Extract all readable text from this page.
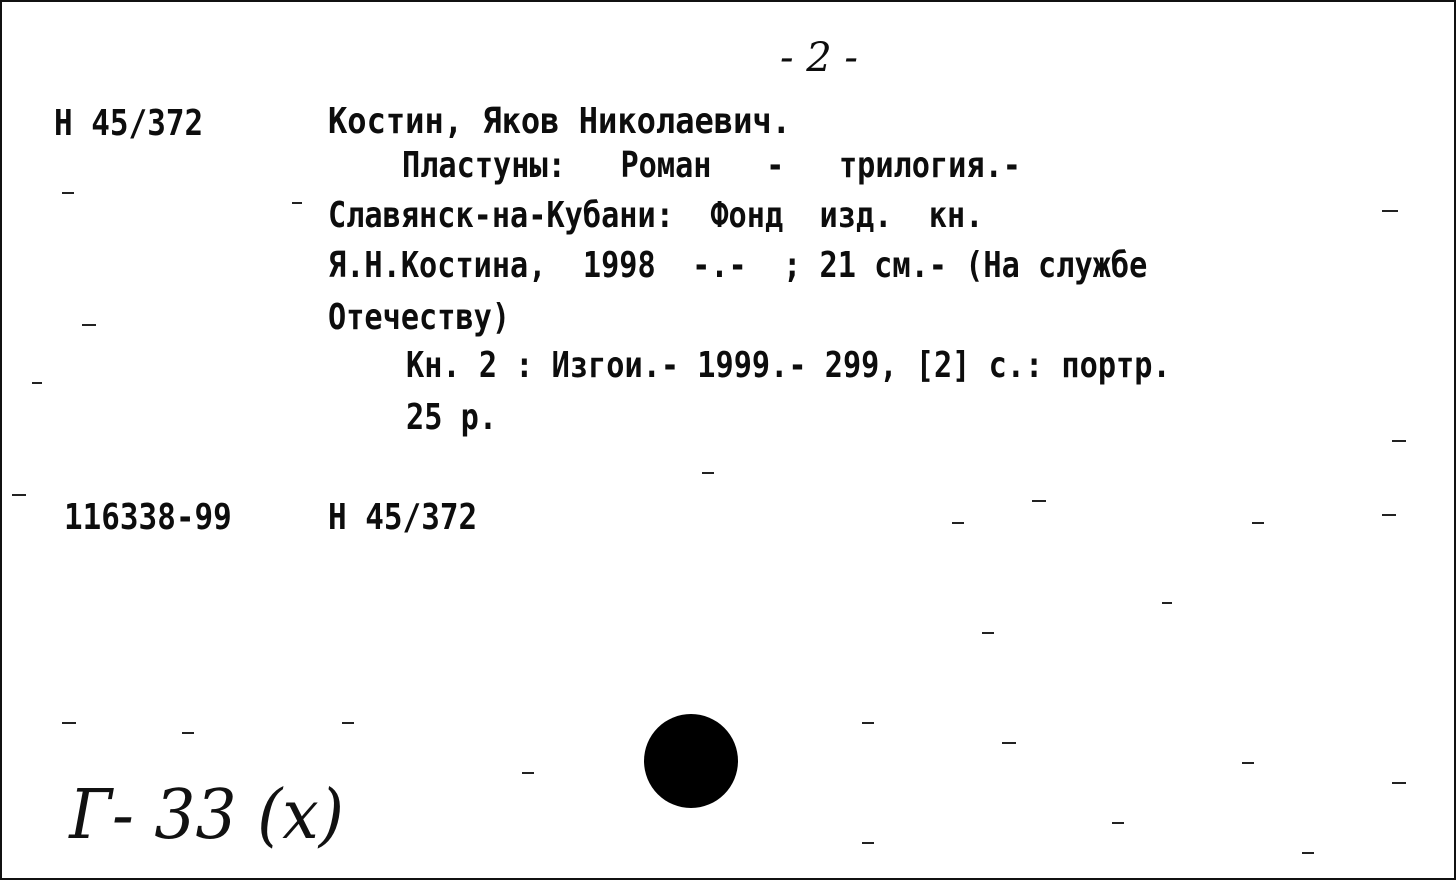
- 2 -
Н 45/372	Костин, Яков Николаевич.
Пластуны:   Роман   -   трилогия.-
Славянск-на-Кубани:  Фонд  изд.  кн.
Я.Н.Костина,  1998  -.-  ; 21 см.- (На службе
Отечеству)
Кн. 2 : Изгои.- 1999.- 299, [2] с.: портр.
25 р.
116338-99	Н 45/372
Г- 33 (х)
